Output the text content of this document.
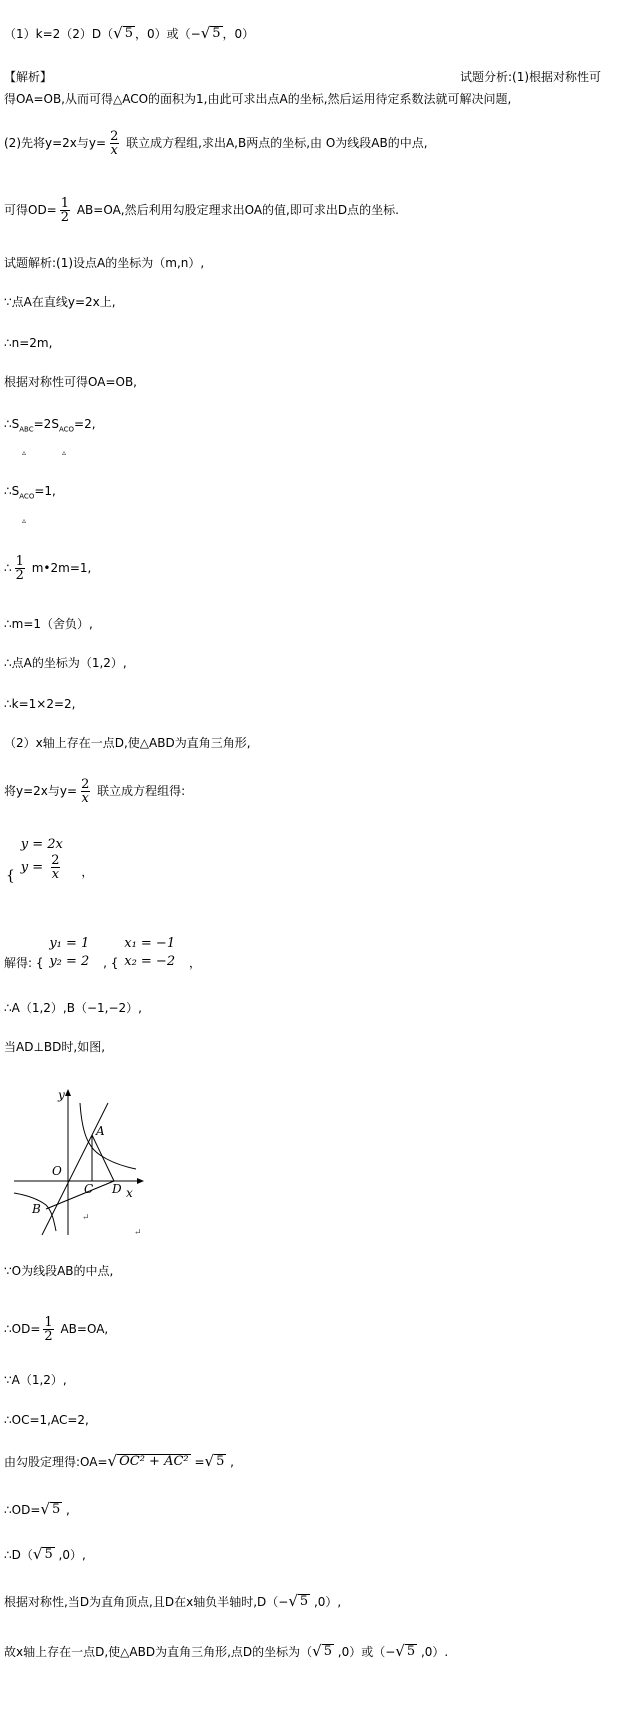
（1）k=2（2）D（ √ 5 ，0）或（− √ 5 ，0）
【解析】	试题分析:(1)根据对称性可
得OA=OB,从而可得△ACO的面积为1,由此可求出点A的坐标,然后运用待定系数法就可解决问题,
(2)先将y=2x与$y= \frac{2}{x}$ 联立成方程组,求出A,B两点的坐标,由 O为线段AB的中点,
可得$OD= \frac{1}{2} AB=OA$,然后利用勾股定理求出OA的值,即可求出D点的坐标.
试题解析:(1)设点A的坐标为（m,n）,
∵点A在直线y=2x上,
∴n=2m,
根据对称性可得OA=OB,
$\therefore S_{ABC}=2S_{ACO}=2$,
▵	▵
$\therefore S_{ACO}=1$,
▵
∴ $\frac{1}{2}$ m•2m=1,
∴m=1（舍负）,
∴点A的坐标为（1,2）,
∴k=1×2=2,
（2）x轴上存在一点D,使△ABD为直角三角形,
将y=2x与$y= \frac{2}{x}$ 联立成方程组得:
{
y = 2x
$y = \frac{2}{x}$ ，
解得: {
y₁ = 1
y₂ = 2 , {
x₁ = −1
x₂ = −2 ，
∴A（1,2）,B（−1,−2）,
当AD⊥BD时,如图,
y
x
O
A
B
C D
↵
↵
∵O为线段AB的中点,
∴OD= $\frac{1}{2} AB=OA$,
∵A（1,2）,
∴OC=1,AC=2,
由勾股定理得:OA= √ OC² + AC² = √ 5 ,
∴OD= √ 5 ,
∴D（ √ 5 ,0）,
根据对称性,当D为直角顶点,且D在x轴负半轴时,D（− √ 5 ,0）,
故x轴上存在一点D,使△ABD为直角三角形,点D的坐标为（ √ 5 ,0）或（− √ 5 ,0）.
